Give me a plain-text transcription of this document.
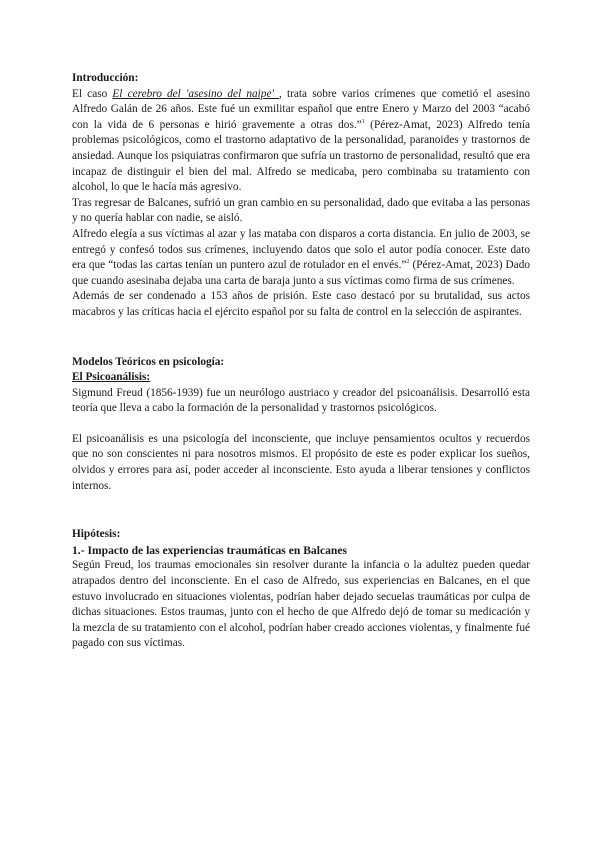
Introducción:

El caso El cerebro del 'asesino del naipe' , trata sobre varios crímenes que cometió el asesino Alfredo Galán de 26 años. Este fué un exmilitar español que entre Enero y Marzo del 2003 “acabó con la vida de 6 personas e hirió gravemente a otras dos.”$^1$ (Pérez-Amat, 2023) Alfredo tenía problemas psicológicos, como el trastorno adaptativo de la personalidad, paranoides y trastornos de ansiedad. Aunque los psiquiatras confirmaron que sufría un trastorno de personalidad, resultó que era incapaz de distinguir el bien del mal. Alfredo se medicaba, pero combinaba su tratamiento con alcohol, lo que le hacía más agresivo.

Tras regresar de Balcanes, sufrió un gran cambio en su personalidad, dado que evitaba a las personas y no quería hablar con nadie, se aisló.

Alfredo elegía a sus víctimas al azar y las mataba con disparos a corta distancia. En julio de 2003, se entregó y confesó todos sus crímenes, incluyendo datos que solo el autor podía conocer. Este dato era que “todas las cartas tenían un puntero azul de rotulador en el envés.”$^2$ (Pérez-Amat, 2023) Dado que cuando asesinaba dejaba una carta de baraja junto a sus víctimas como firma de sus crímenes.

Además de ser condenado a 153 años de prisión. Este caso destacó por su brutalidad, sus actos macabros y las críticas hacia el ejército español por su falta de control en la selección de aspirantes.

Modelos Teóricos en psicología:

El Psicoanálisis:

Sigmund Freud (1856-1939) fue un neurólogo austriaco y creador del psicoanálisis. Desarrolló esta teoría que lleva a cabo la formación de la personalidad y trastornos psicológicos.

El psicoanálisis es una psicología del inconsciente, que incluye pensamientos ocultos y recuerdos que no son conscientes ni para nosotros mismos. El propósito de este es poder explicar los sueños, olvidos y errores para así, poder acceder al inconsciente. Esto ayuda a liberar tensiones y conflictos internos.

Hipótesis:

1.- Impacto de las experiencias traumáticas en Balcanes

Según Freud, los traumas emocionales sin resolver durante la infancia o la adultez pueden quedar atrapados dentro del inconsciente. En el caso de Alfredo, sus experiencias en Balcanes, en el que estuvo involucrado en situaciones violentas, podrían haber dejado secuelas traumáticas por culpa de dichas situaciones. Estos traumas, junto con el hecho de que Alfredo dejó de tomar su medicación y la mezcla de su tratamiento con el alcohol, podrían haber creado acciones violentas, y finalmente fué pagado con sus víctimas.
